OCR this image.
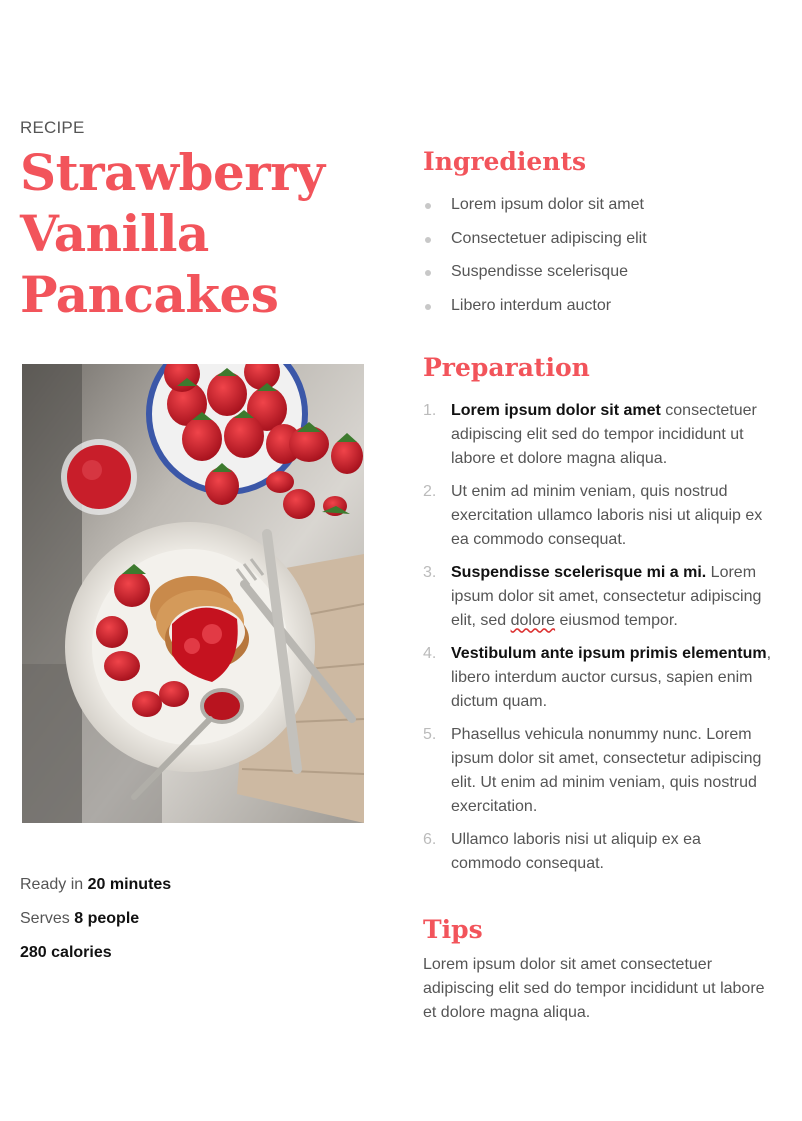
RECIPE

Strawberry
Vanilla
Pancakes
Ready in 20 minutes
Serves 8 people
280 calories
Ingredients
Lorem ipsum dolor sit amet
Consectetuer adipiscing elit
Suspendisse scelerisque
Libero interdum auctor
Preparation
1. Lorem ipsum dolor sit amet consectetuer adipiscing elit sed do tempor incididunt ut labore et dolore magna aliqua.
2. Ut enim ad minim veniam, quis nostrud exercitation ullamco laboris nisi ut aliquip ex ea commodo consequat.
3. Suspendisse scelerisque mi a mi. Lorem ipsum dolor sit amet, consectetur adipiscing elit, sed dolore eiusmod tempor.
4. Vestibulum ante ipsum primis elementum, libero interdum auctor cursus, sapien enim dictum quam.
5. Phasellus vehicula nonummy nunc. Lorem ipsum dolor sit amet, consectetur adipiscing elit. Ut enim ad minim veniam, quis nostrud exercitation.
6. Ullamco laboris nisi ut aliquip ex ea commodo consequat.
Tips

Lorem ipsum dolor sit amet consectetuer adipiscing elit sed do tempor incididunt ut labore et dolore magna aliqua.
